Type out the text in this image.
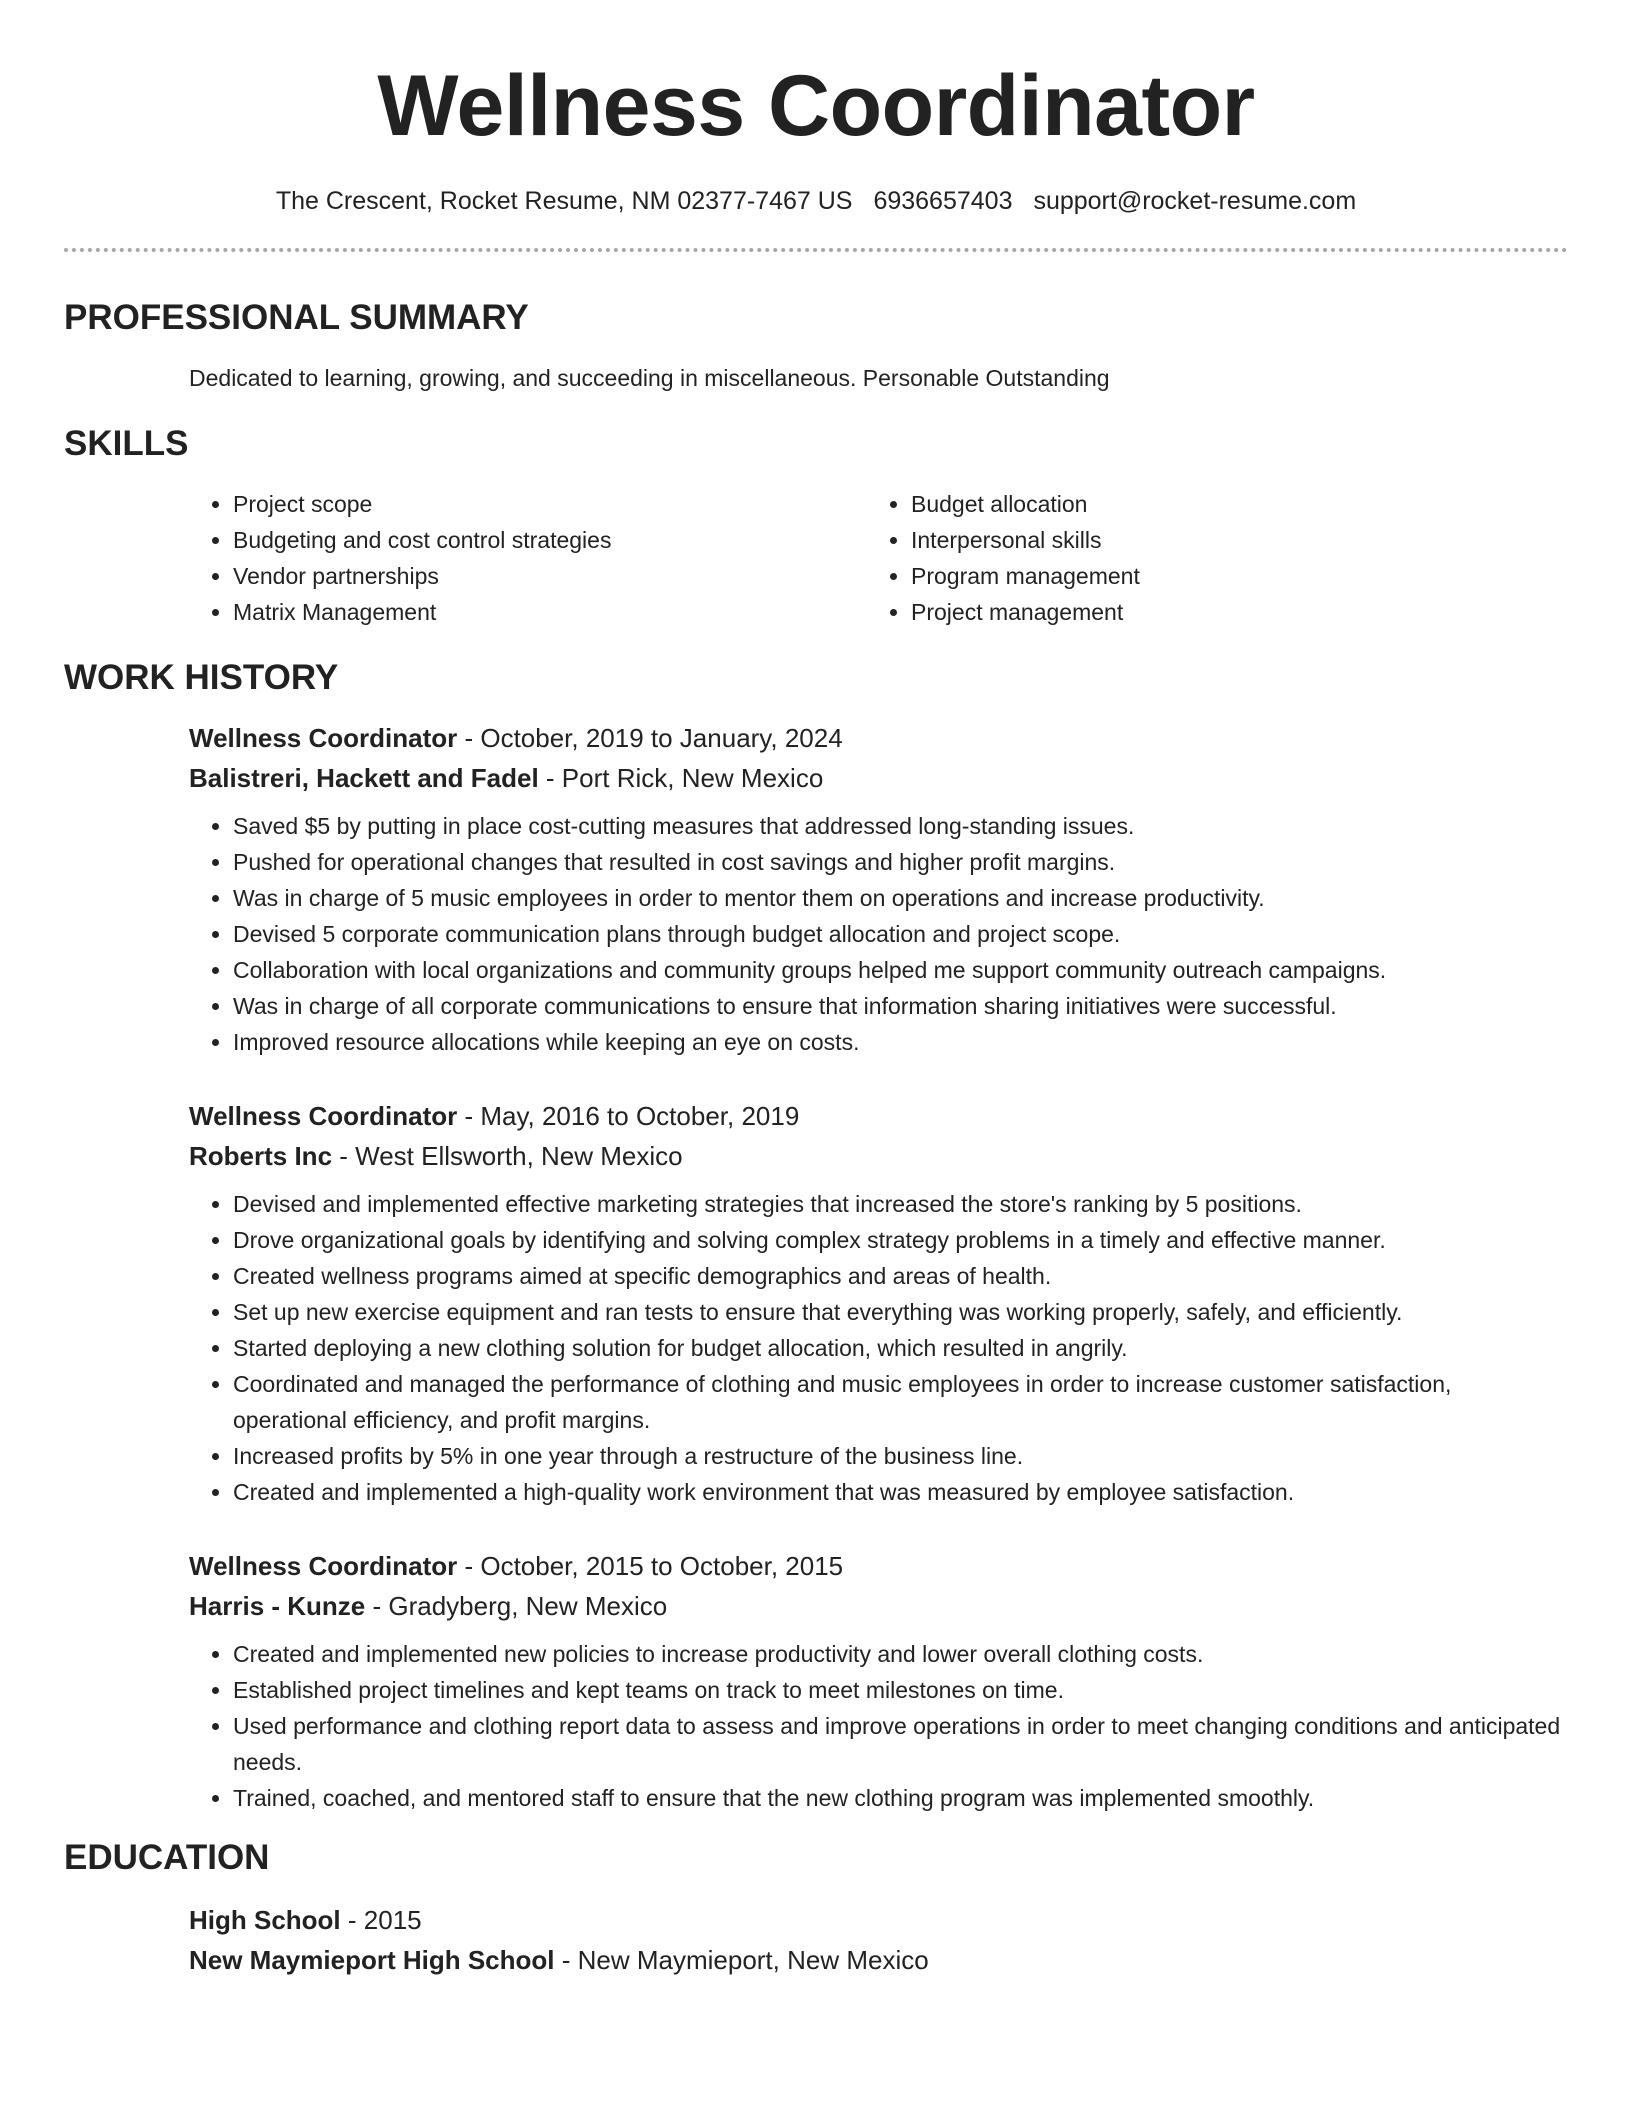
Wellness Coordinator
The Crescent, Rocket Resume, NM 02377-7467 US 6936657403 support@rocket-resume.com
PROFESSIONAL SUMMARY
Dedicated to learning, growing, and succeeding in miscellaneous. Personable Outstanding
SKILLS
• Project scope
• Budgeting and cost control strategies
• Vendor partnerships
• Matrix Management
• Budget allocation
• Interpersonal skills
• Program management
• Project management
WORK HISTORY
Wellness Coordinator - October, 2019 to January, 2024
Balistreri, Hackett and Fadel - Port Rick, New Mexico
• Saved $5 by putting in place cost-cutting measures that addressed long-standing issues.
• Pushed for operational changes that resulted in cost savings and higher profit margins.
• Was in charge of 5 music employees in order to mentor them on operations and increase productivity.
• Devised 5 corporate communication plans through budget allocation and project scope.
• Collaboration with local organizations and community groups helped me support community outreach campaigns.
• Was in charge of all corporate communications to ensure that information sharing initiatives were successful.
• Improved resource allocations while keeping an eye on costs.
Wellness Coordinator - May, 2016 to October, 2019
Roberts Inc - West Ellsworth, New Mexico
• Devised and implemented effective marketing strategies that increased the store's ranking by 5 positions.
• Drove organizational goals by identifying and solving complex strategy problems in a timely and effective manner.
• Created wellness programs aimed at specific demographics and areas of health.
• Set up new exercise equipment and ran tests to ensure that everything was working properly, safely, and efficiently.
• Started deploying a new clothing solution for budget allocation, which resulted in angrily.
• Coordinated and managed the performance of clothing and music employees in order to increase customer satisfaction, operational efficiency, and profit margins.
• Increased profits by 5% in one year through a restructure of the business line.
• Created and implemented a high-quality work environment that was measured by employee satisfaction.
Wellness Coordinator - October, 2015 to October, 2015
Harris - Kunze - Gradyberg, New Mexico
• Created and implemented new policies to increase productivity and lower overall clothing costs.
• Established project timelines and kept teams on track to meet milestones on time.
• Used performance and clothing report data to assess and improve operations in order to meet changing conditions and anticipated needs.
• Trained, coached, and mentored staff to ensure that the new clothing program was implemented smoothly.
EDUCATION
High School - 2015
New Maymieport High School - New Maymieport, New Mexico
